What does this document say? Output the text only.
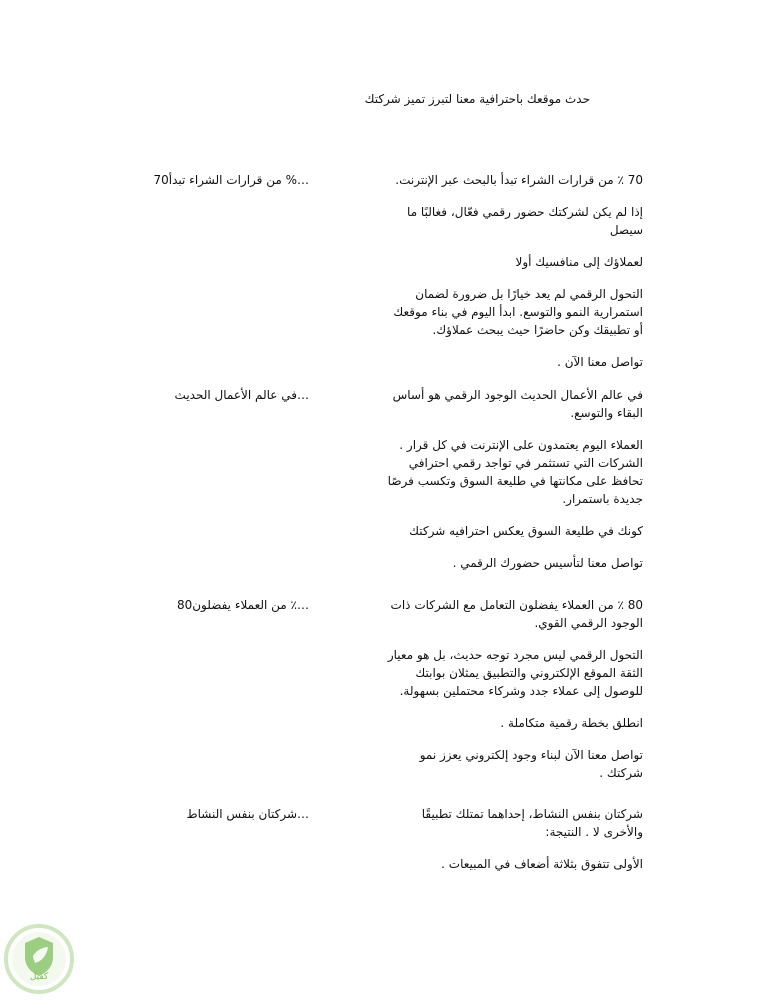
حدث موقعك باحترافية معنا لتبرز تميز شركتك
…% من قرارات الشراء تبدأ70	70 ٪ من قرارات الشراء تبدأ بالبحث عبر الإنترنت.

إذا لم يكن لشركتك حضور رقمي فعّال، فغالبًا ما سيصل

لعملاؤك إلى منافسيك أولا

التحول الرقمي لم يعد خيارًا بل ضرورة لضمان استمرارية النمو والتوسع. ابدأ اليوم في بناء موقعك أو تطبيقك وكن حاضرًا حيث يبحث عملاؤك.

تواصل معنا الآن .

…في عالم الأعمال الحديث	في عالم الأعمال الحديث الوجود الرقمي هو أساس البقاء والتوسع.

العملاء اليوم يعتمدون على الإنترنت في كل قرار . الشركات التي تستثمر في تواجد رقمي احترافي تحافظ على مكانتها في طليعة السوق وتكسب فرصًا جديدة باستمرار.

كونك في طليعة السوق يعكس احترافيه شركتك

تواصل معنا لتأسيس حضورك الرقمي .

…٪ من العملاء يفضلون80	80 ٪ من العملاء يفضلون التعامل مع الشركات ذات الوجود الرقمي القوي.

التحول الرقمي ليس مجرد توجه حديث، بل هو معيار الثقة الموقع الإلكتروني والتطبيق يمثلان بوابتك للوصول إلى عملاء جدد وشركاء محتملين بسهولة.

انطلق بخطة رقمية متكاملة .

تواصل معنا الآن لبناء وجود إلكتروني يعزز نمو شركتك .

…شركتان بنفس النشاط	شركتان بنفس النشاط، إحداهما تمتلك تطبيقًا والأخرى لا . النتيجة:

الأولى تتفوق بثلاثة أضعاف في المبيعات .

كفيل
